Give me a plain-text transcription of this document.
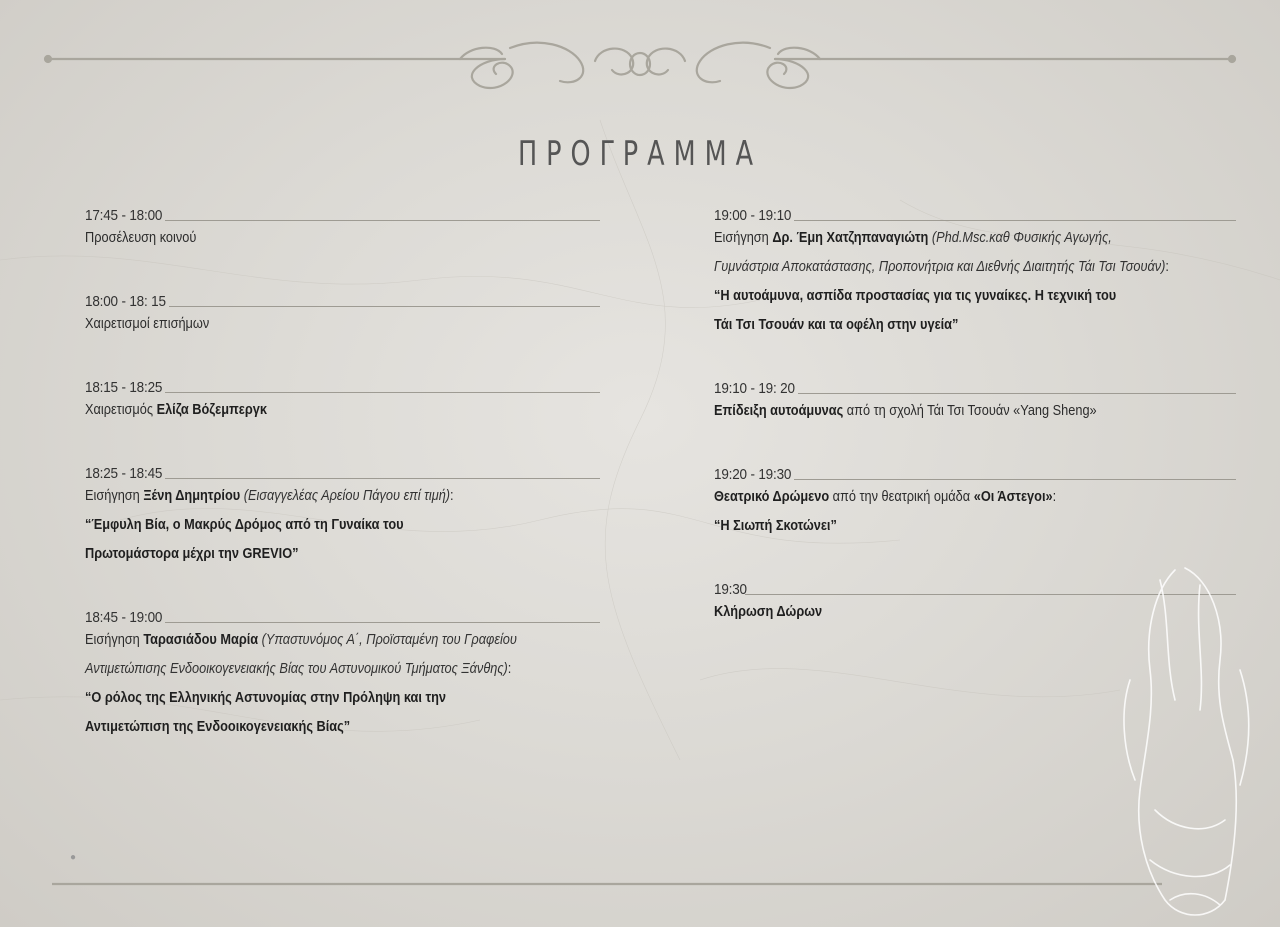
ΠΡΟΓΡΑΜΜΑ
17:45 - 18:00
Προσέλευση κοινού
18:00 - 18: 15
Χαιρετισμοί επισήμων
18:15 - 18:25
Χαιρετισμός Ελίζα Βόζεμπεργκ
18:25 - 18:45
Εισήγηση Ξένη Δημητρίου (Εισαγγελέας Αρείου Πάγου επί τιμή):
“Έμφυλη Βία, ο Μακρύς Δρόμος από τη Γυναίκα του
Πρωτομάστορα μέχρι την GREVIO”
18:45 - 19:00
Εισήγηση Ταρασιάδου Μαρία (Υπαστυνόμος Α΄, Προϊσταμένη του Γραφείου
Αντιμετώπισης Ενδοοικογενειακής Βίας του Αστυνομικού Τμήματος Ξάνθης):
“Ο ρόλος της Ελληνικής Αστυνομίας στην Πρόληψη και την
Αντιμετώπιση της Ενδοοικογενειακής Βίας”
19:00 - 19:10
Εισήγηση Δρ. Έμη Χατζηπαναγιώτη (Phd.Msc.καθ Φυσικής Αγωγής,
Γυμνάστρια Αποκατάστασης, Προπονήτρια και Διεθνής Διαιτητής Τάι Τσι Τσουάν):
“Η αυτοάμυνα, ασπίδα προστασίας για τις γυναίκες. Η τεχνική του
Τάι Τσι Τσουάν και τα οφέλη στην υγεία”
19:10 - 19: 20
Επίδειξη αυτοάμυνας από τη σχολή Τάι Τσι Τσουάν «Yang Sheng»
19:20 - 19:30
Θεατρικό Δρώμενο από την θεατρική ομάδα «Οι Άστεγοι»:
“Η Σιωπή Σκοτώνει”
19:30
Κλήρωση Δώρων
●
